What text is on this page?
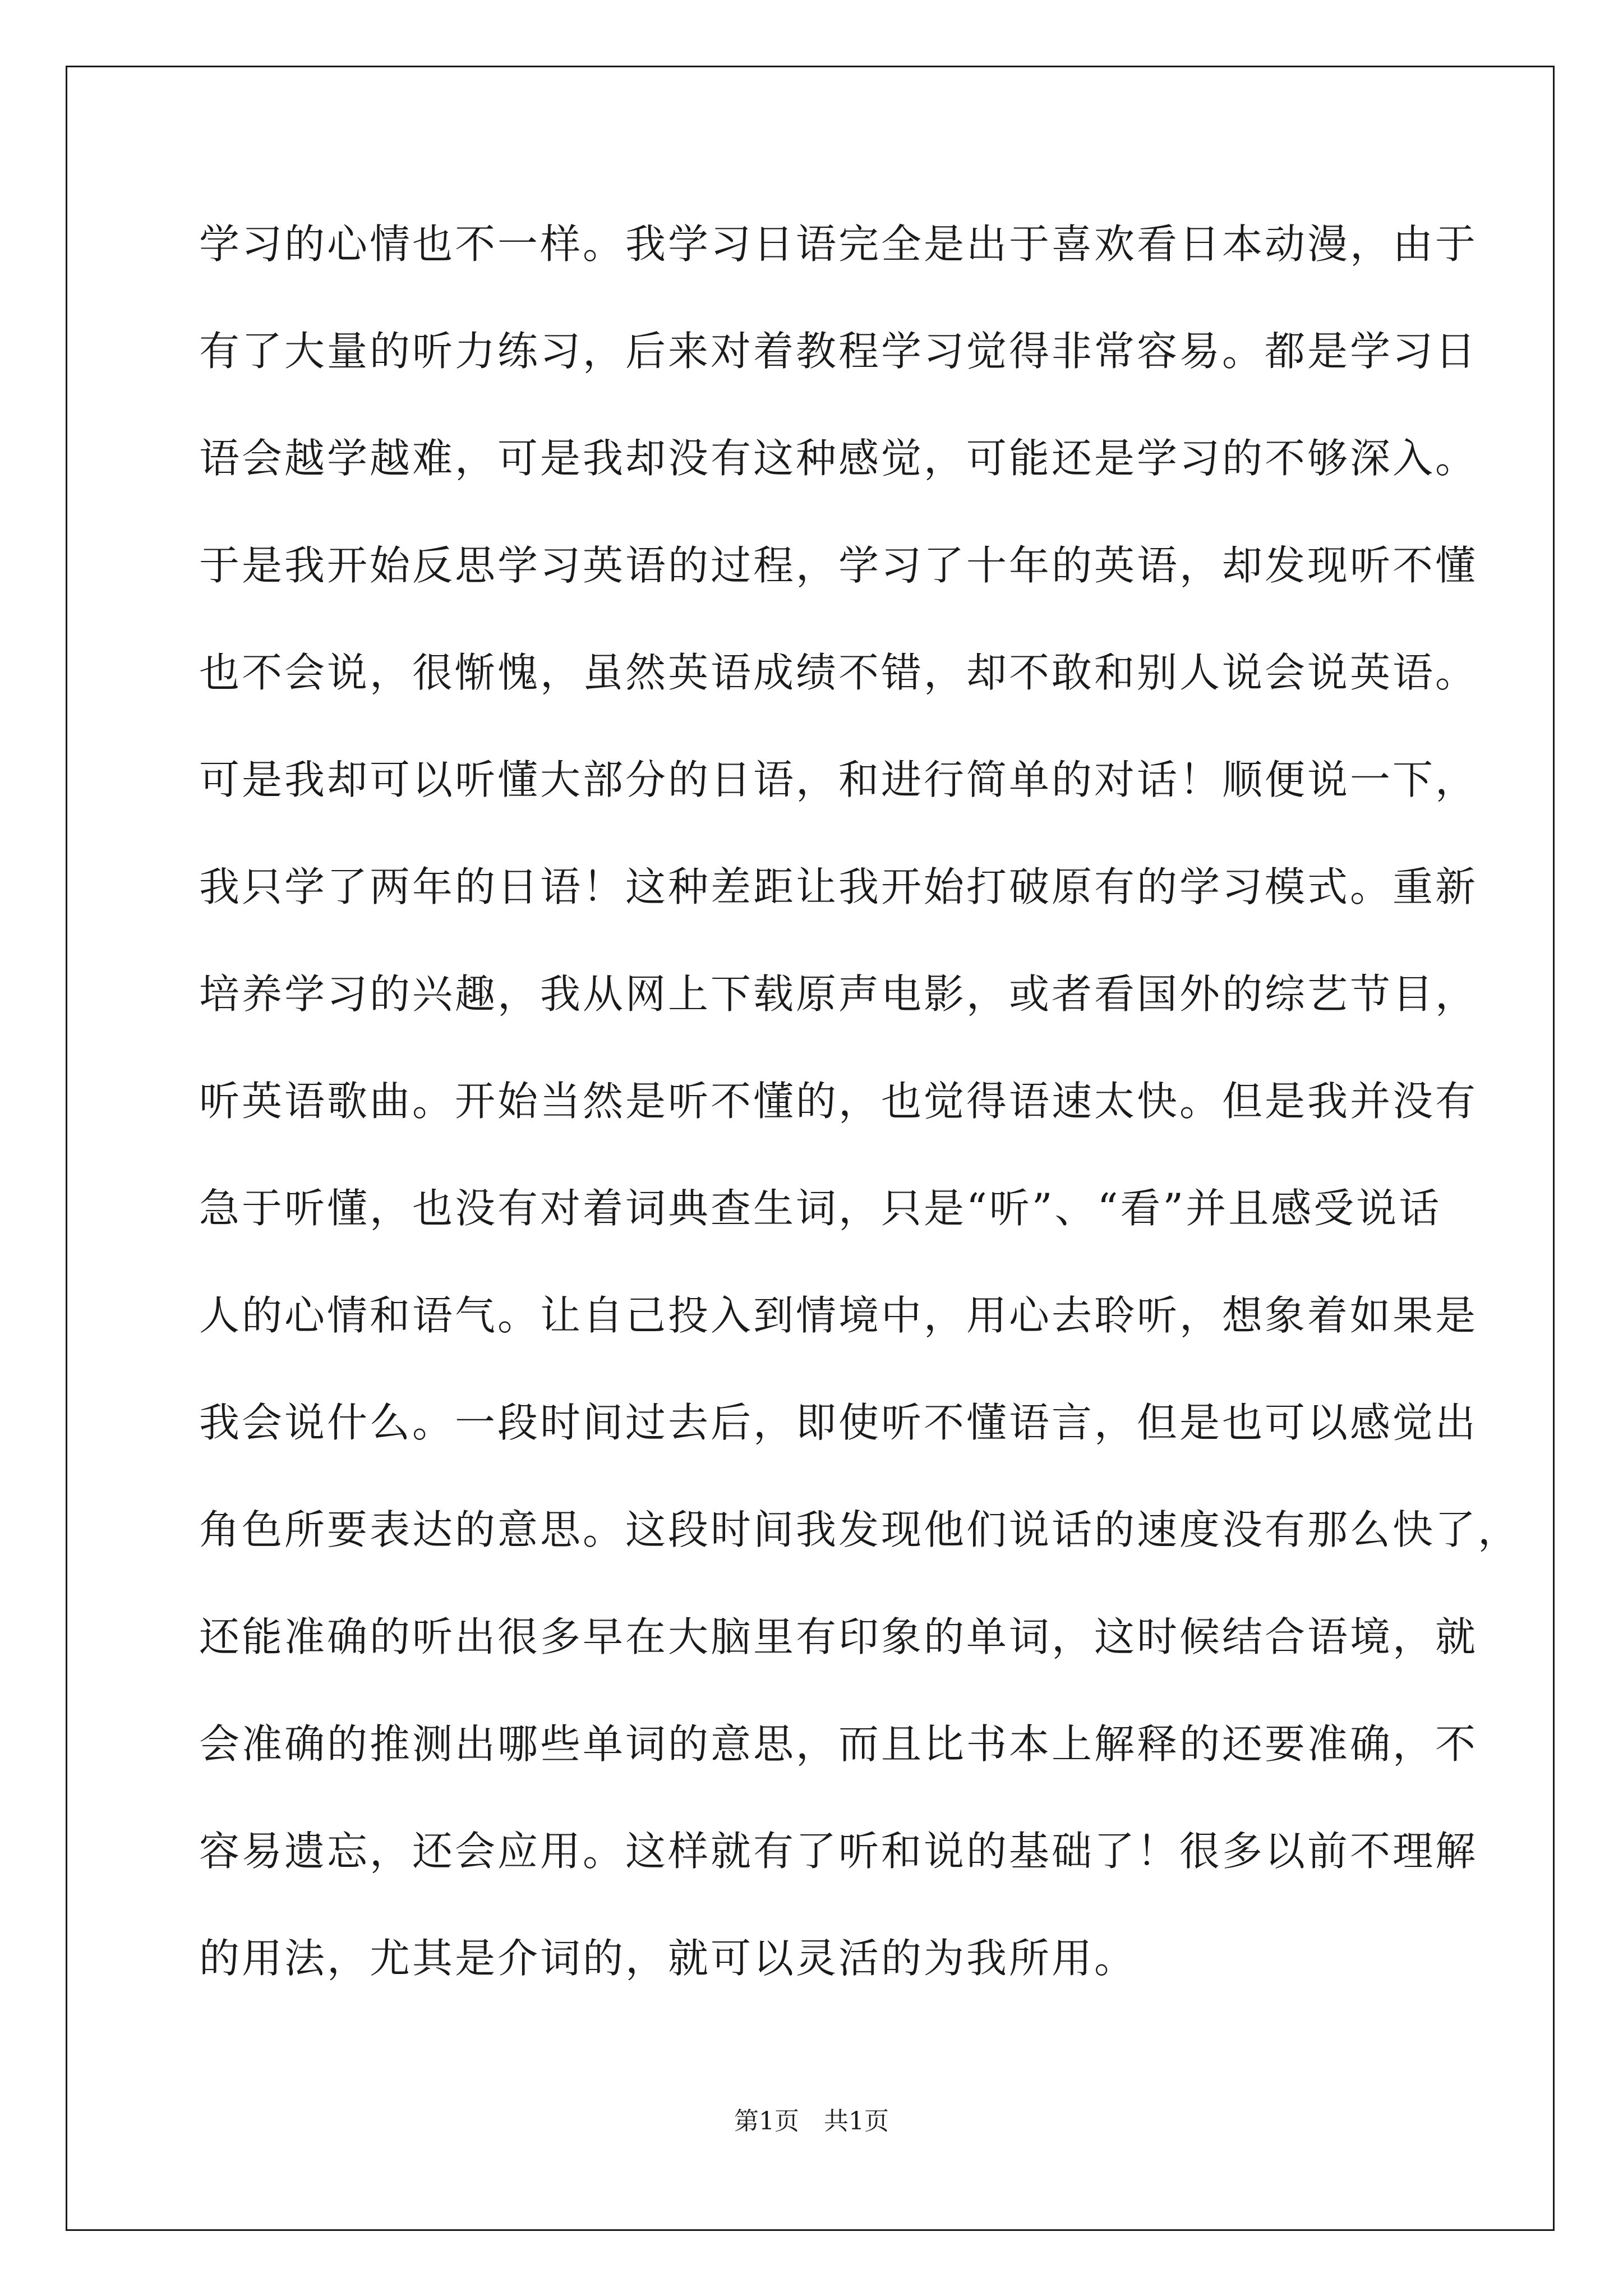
学习的心情也不一样。我学习日语完全是出于喜欢看日本动漫，由于
有了大量的听力练习，后来对着教程学习觉得非常容易。都是学习日
语会越学越难，可是我却没有这种感觉，可能还是学习的不够深入。
于是我开始反思学习英语的过程，学习了十年的英语，却发现听不懂
也不会说，很惭愧，虽然英语成绩不错，却不敢和别人说会说英语。
可是我却可以听懂大部分的日语，和进行简单的对话！顺便说一下，
我只学了两年的日语！这种差距让我开始打破原有的学习模式。重新
培养学习的兴趣，我从网上下载原声电影，或者看国外的综艺节目，
听英语歌曲。开始当然是听不懂的，也觉得语速太快。但是我并没有
急于听懂，也没有对着词典查生词，只是“听”、“看”并且感受说话
人的心情和语气。让自己投入到情境中，用心去聆听，想象着如果是
我会说什么。一段时间过去后，即使听不懂语言，但是也可以感觉出
角色所要表达的意思。这段时间我发现他们说话的速度没有那么快了，
还能准确的听出很多早在大脑里有印象的单词，这时候结合语境，就
会准确的推测出哪些单词的意思，而且比书本上解释的还要准确，不
容易遗忘，还会应用。这样就有了听和说的基础了！很多以前不理解
的用法，尤其是介词的，就可以灵活的为我所用。
第1页　共1页
